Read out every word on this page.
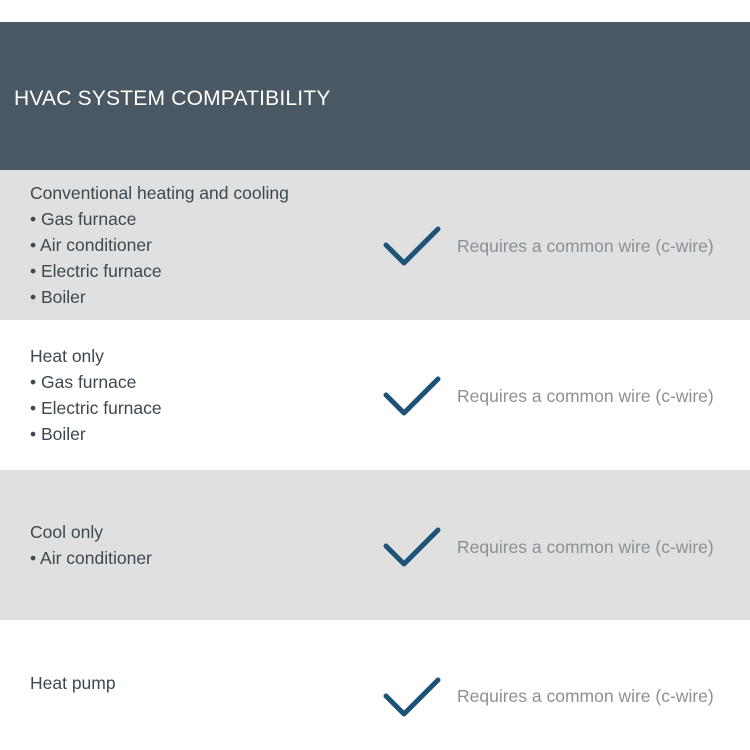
HVAC SYSTEM COMPATIBILITY
Conventional heating and cooling
• Gas furnace
• Air conditioner
• Electric furnace
• Boiler
Requires a common wire (c-wire)
Heat only
• Gas furnace
• Electric furnace
• Boiler
Requires a common wire (c-wire)
Cool only
• Air conditioner
Requires a common wire (c-wire)
Heat pump
Requires a common wire (c-wire)
